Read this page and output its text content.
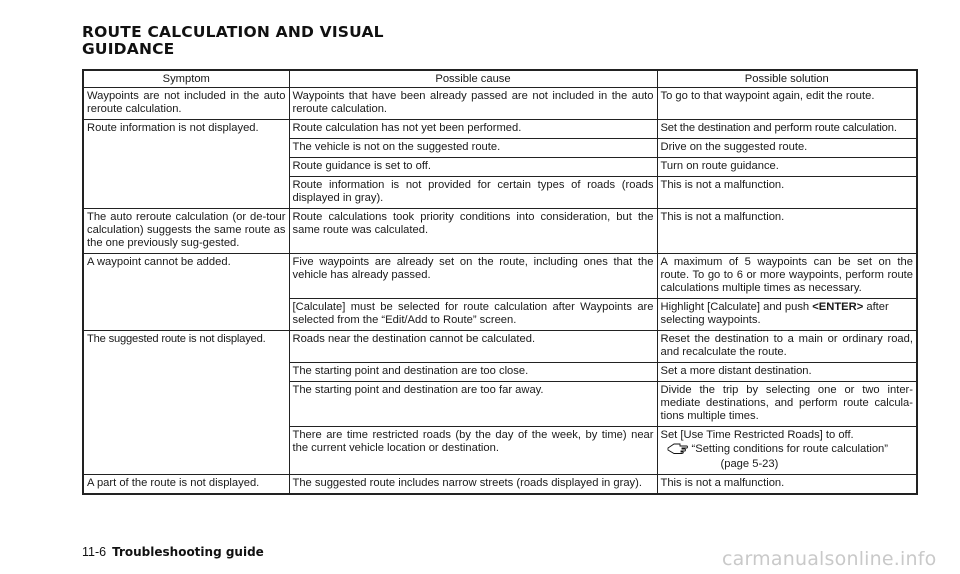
ROUTE CALCULATION AND VISUAL
GUIDANCE
Symptom	Possible cause	Possible solution
Waypoints are not included in the auto reroute calculation.	Waypoints that have been already passed are not included in the auto reroute calculation.	To go to that waypoint again, edit the route.
Route information is not displayed.	Route calculation has not yet been performed.	Set the destination and perform route calculation.
	The vehicle is not on the suggested route.	Drive on the suggested route.
	Route guidance is set to off.	Turn on route guidance.
	Route information is not provided for certain types of roads (roads displayed in gray).	This is not a malfunction.
The auto reroute calculation (or de-tour calculation) suggests the same route as the one previously sug-gested.	Route calculations took priority conditions into consideration, but the same route was calculated.	This is not a malfunction.
A waypoint cannot be added.	Five waypoints are already set on the route, including ones that the vehicle has already passed.	A maximum of 5 waypoints can be set on the route. To go to 6 or more waypoints, perform route calculations multiple times as necessary.
	[Calculate] must be selected for route calculation after Waypoints are selected from the “Edit/Add to Route” screen.	Highlight [Calculate] and push <ENTER> after selecting waypoints.
The suggested route is not displayed.	Roads near the destination cannot be calculated.	Reset the destination to a main or ordinary road, and recalculate the route.
	The starting point and destination are too close.	Set a more distant destination.
	The starting point and destination are too far away.	Divide the trip by selecting one or two inter-mediate destinations, and perform route calcula-tions multiple times.
	There are time restricted roads (by the day of the week, by time) near the current vehicle location or destination.	Set [Use Time Restricted Roads] to off.
“Setting conditions for route calculation”
(page 5-23)

A part of the route is not displayed.	The suggested route includes narrow streets (roads displayed in gray).	This is not a malfunction.
11-6 Troubleshooting guide	carmanualsonline.info
